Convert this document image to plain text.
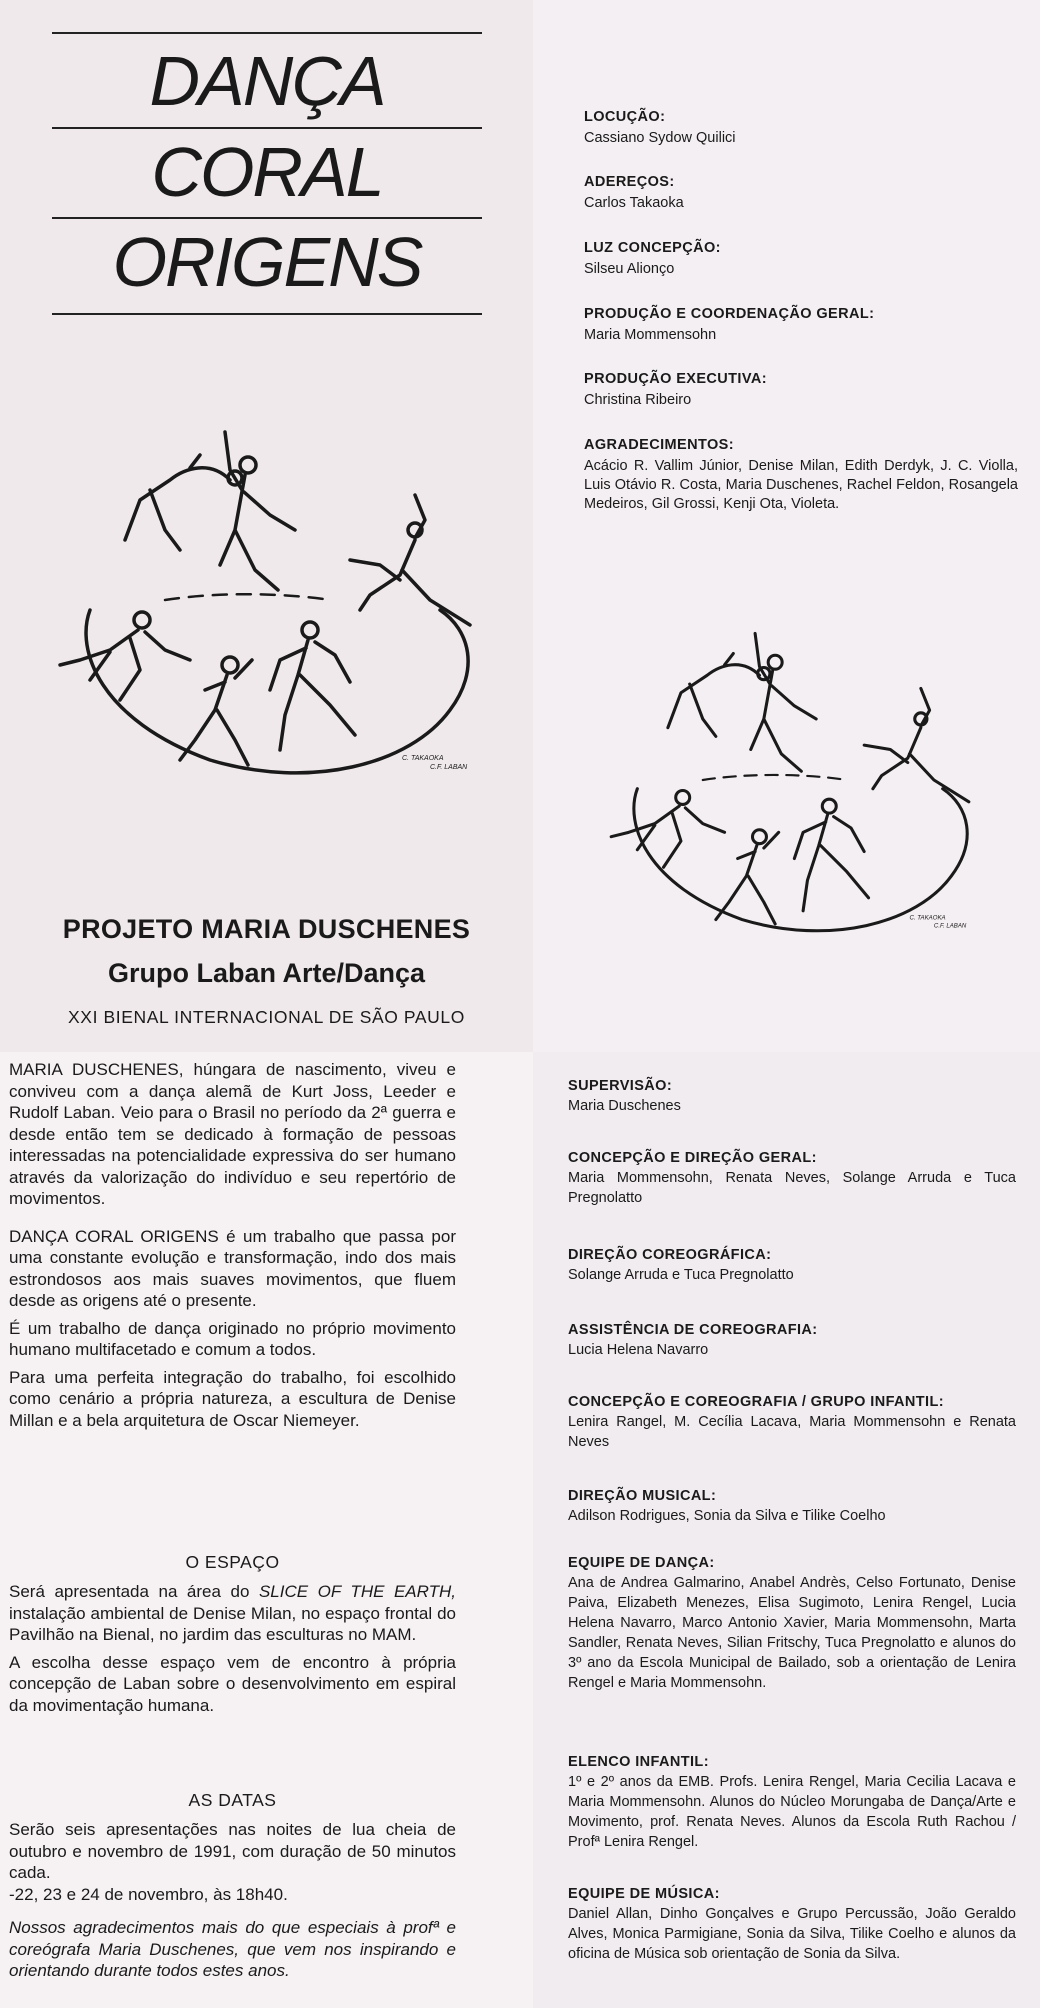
DANÇA
CORAL
ORIGENS
C. TAKAOKA C.F. LABAN
PROJETO MARIA DUSCHENES
Grupo Laban Arte/Dança
XXI BIENAL INTERNACIONAL DE SÃO PAULO
LOCUÇÃO:
Cassiano Sydow Quilici
ADEREÇOS:
Carlos Takaoka
LUZ CONCEPÇÃO:
Silseu Alionço
PRODUÇÃO E COORDENAÇÃO GERAL:
Maria Mommensohn
PRODUÇÃO EXECUTIVA:
Christina Ribeiro
AGRADECIMENTOS:
Acácio R. Vallim Júnior, Denise Milan, Edith Derdyk, J. C. Violla, Luis Otávio R. Costa, Maria Duschenes, Rachel Feldon, Rosangela Medeiros, Gil Grossi, Kenji Ota, Violeta.
C. TAKAOKA C.F. LABAN

MARIA DUSCHENES, húngara de nascimento, viveu e conviveu com a dança alemã de Kurt Joss, Leeder e Rudolf Laban. Veio para o Brasil no período da 2ª guerra e desde então tem se dedicado à formação de pessoas interessadas na potencialidade expressiva do ser humano através da valorização do indivíduo e seu repertório de movimentos.

DANÇA CORAL ORIGENS é um trabalho que passa por uma constante evolução e transformação, indo dos mais estrondosos aos mais suaves movimentos, que fluem desde as origens até o presente.

É um trabalho de dança originado no próprio movimento humano multifacetado e comum a todos.

Para uma perfeita integração do trabalho, foi escolhido como cenário a própria natureza, a escultura de Denise Millan e a bela arquitetura de Oscar Niemeyer.

O ESPAÇO

Será apresentada na área do SLICE OF THE EARTH, instalação ambiental de Denise Milan, no espaço frontal do Pavilhão na Bienal, no jardim das esculturas no MAM.

A escolha desse espaço vem de encontro à própria concepção de Laban sobre o desenvolvimento em espiral da movimentação humana.

AS DATAS

Serão seis apresentações nas noites de lua cheia de outubro e novembro de 1991, com duração de 50 minutos cada.

-22, 23 e 24 de novembro, às 18h40.

Nossos agradecimentos mais do que especiais à profª e coreógrafa Maria Duschenes, que vem nos inspirando e orientando durante todos estes anos.

SUPERVISÃO:
Maria Duschenes
CONCEPÇÃO E DIREÇÃO GERAL:
Maria Mommensohn, Renata Neves, Solange Arruda e Tuca Pregnolatto
DIREÇÃO COREOGRÁFICA:
Solange Arruda e Tuca Pregnolatto
ASSISTÊNCIA DE COREOGRAFIA:
Lucia Helena Navarro
CONCEPÇÃO E COREOGRAFIA / GRUPO INFANTIL:
Lenira Rangel, M. Cecília Lacava, Maria Mommensohn e Renata Neves
DIREÇÃO MUSICAL:
Adilson Rodrigues, Sonia da Silva e Tilike Coelho
EQUIPE DE DANÇA:
Ana de Andrea Galmarino, Anabel Andrès, Celso Fortunato, Denise Paiva, Elizabeth Menezes, Elisa Sugimoto, Lenira Rengel, Lucia Helena Navarro, Marco Antonio Xavier, Maria Mommensohn, Marta Sandler, Renata Neves, Silian Fritschy, Tuca Pregnolatto e alunos do 3º ano da Escola Municipal de Bailado, sob a orientação de Lenira Rengel e Maria Mommensohn.
ELENCO INFANTIL:
1º e 2º anos da EMB. Profs. Lenira Rengel, Maria Cecilia Lacava e Maria Mommensohn. Alunos do Núcleo Morungaba de Dança/Arte e Movimento, prof. Renata Neves. Alunos da Escola Ruth Rachou / Profª Lenira Rengel.
EQUIPE DE MÚSICA:
Daniel Allan, Dinho Gonçalves e Grupo Percussão, João Geraldo Alves, Monica Parmigiane, Sonia da Silva, Tilike Coelho e alunos da oficina de Música sob orientação de Sonia da Silva.
